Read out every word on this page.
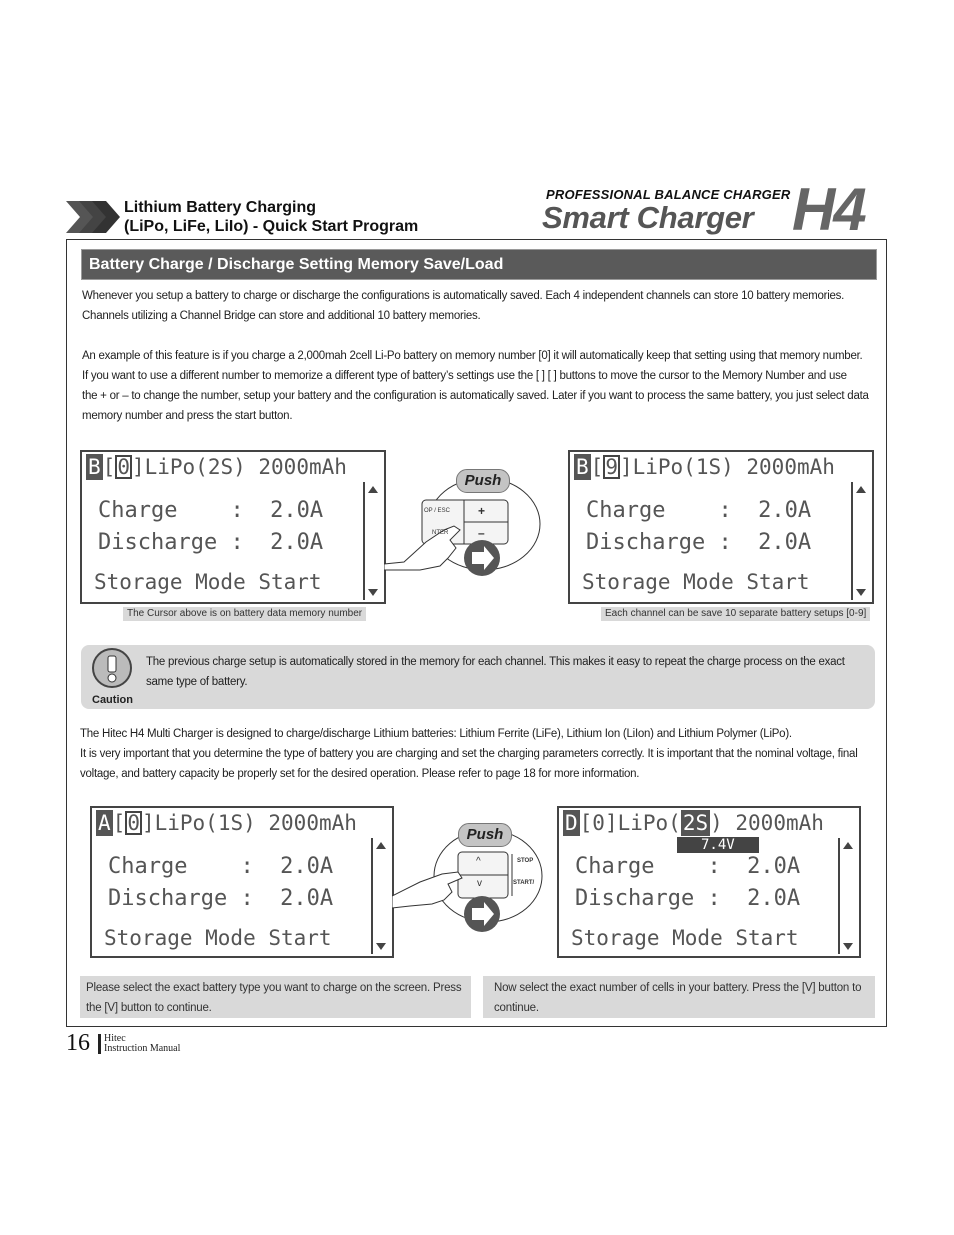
Lithium Battery Charging
(LiPo, LiFe, LiIo) - Quick Start Program
PROFESSIONAL BALANCE CHARGER
Smart Charger H4
Battery Charge / Discharge Setting Memory Save/Load
Whenever you setup a battery to charge or discharge the configurations is automatically saved. Each 4 independent channels can store 10 battery memories.
Channels utilizing a Channel Bridge can store and additional 10 battery memories.
An example of this feature is if you charge a 2,000mah 2cell Li-Po battery on memory number [0] it will automatically keep that setting using that memory number.
If you want to use a different number to memorize a different type of battery’s settings use the [ ] [ ] buttons to move the cursor to the Memory Number and use
the + or – to change the number, setup your battery and the configuration is automatically saved. Later if you want to process the same battery, you just select data
memory number and press the start button.
B[0]LiPo(2S) 2000mAh
Charge    :  2.0A
Discharge :  2.0A
Storage Mode Start
Push
OP / ESC
NTER
+
–
B[9]LiPo(1S) 2000mAh
Charge    :  2.0A
Discharge :  2.0A
Storage Mode Start
The Cursor above is on battery data memory number	Each channel can be save 10 separate battery setups [0-9]
Caution
The previous charge setup is automatically stored in the memory for each channel. This makes it easy to repeat the charge process on the exact
same type of battery.
The Hitec H4 Multi Charger is designed to charge/discharge Lithium batteries: Lithium Ferrite (LiFe), Lithium Ion (LiIon) and Lithium Polymer (LiPo).
It is very important that you determine the type of battery you are charging and set the charging parameters correctly. It is important that the nominal voltage, final
voltage, and battery capacity be properly set for the desired operation. Please refer to page 18 for more information.
A[0]LiPo(1S) 2000mAh
Charge    :  2.0A
Discharge :  2.0A
Storage Mode Start
Push
^
v
STOP
START/
D[0]LiPo(2S) 2000mAh
7.4V
Charge    :  2.0A
Discharge :  2.0A
Storage Mode Start
Please select the exact battery type you want to charge on the screen. Press the [V] button to continue.
Now select the exact number of cells in your battery. Press the [V] button to continue.
16 Hitec
Instruction Manual
